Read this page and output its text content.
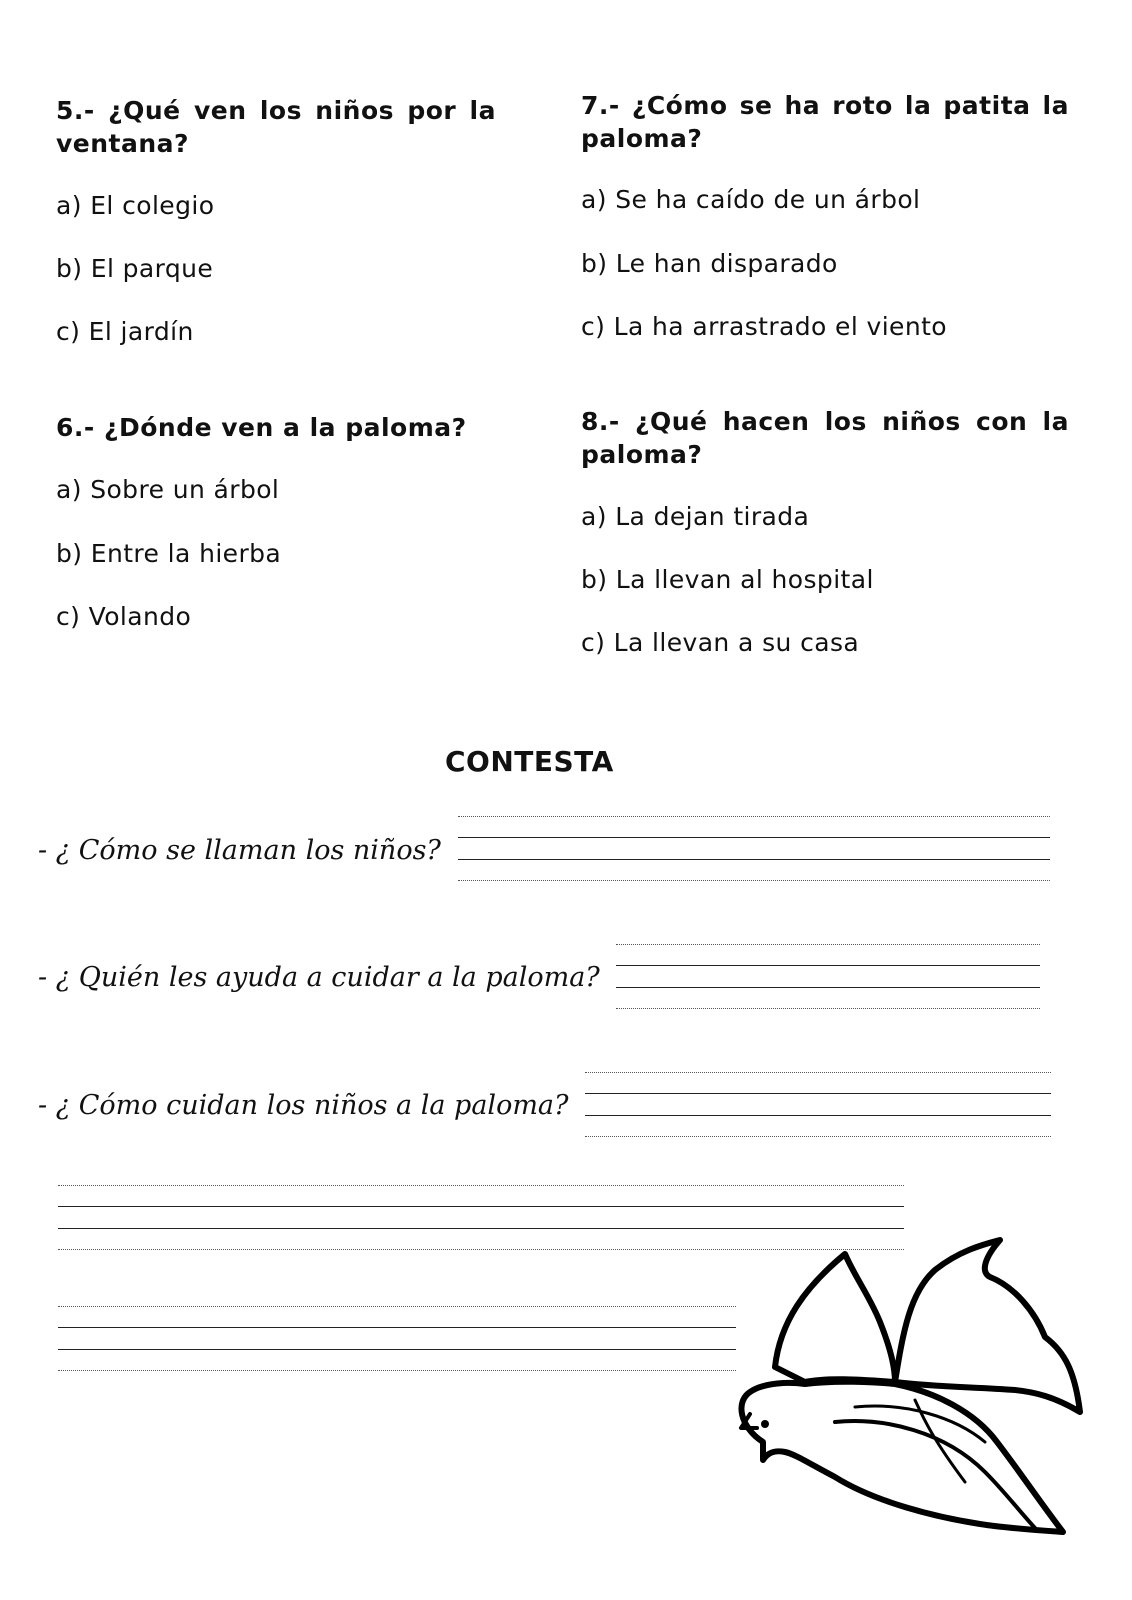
5.- ¿Qué ven los niños por la ventana?
a) El colegio
b) El parque
c) El jardín
6.- ¿Dónde ven a la paloma?
a) Sobre un árbol
b) Entre la hierba
c) Volando
7.- ¿Cómo se ha roto la patita la paloma?
a) Se ha caído de un árbol
b) Le han disparado
c) La ha arrastrado el viento
8.- ¿Qué hacen los niños con la paloma?
a) La dejan tirada
b) La llevan al hospital
c) La llevan a su casa
CONTESTA
- ¿ Cómo se llaman los niños?
- ¿ Quién les ayuda a cuidar a la paloma?
- ¿ Cómo cuidan los niños a la paloma?
